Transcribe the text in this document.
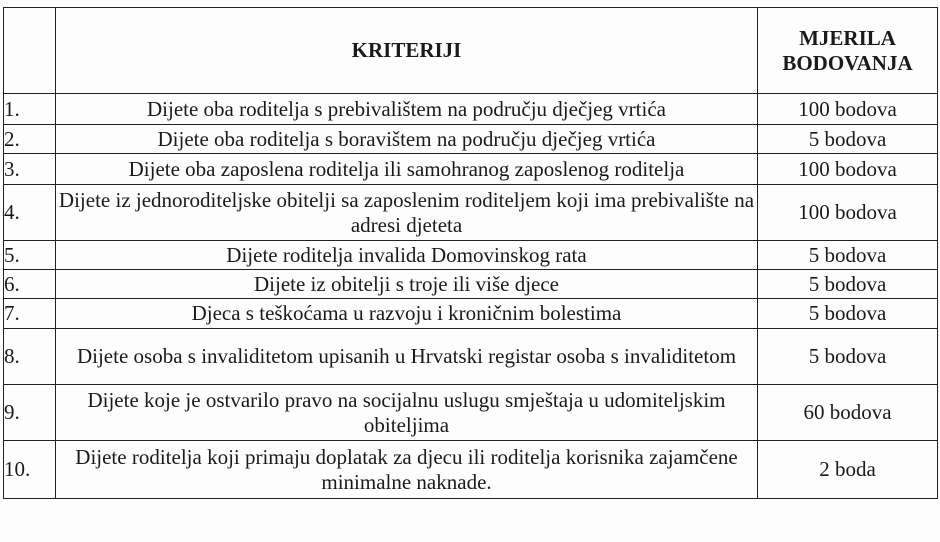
	KRITERIJI	MJERILA
BODOVANJA

1.	Dijete oba roditelja s prebivalištem na području dječjeg vrtića	100 bodova
2.	Dijete oba roditelja s boravištem na području dječjeg vrtića	5 bodova
3.	Dijete oba zaposlena roditelja ili samohranog zaposlenog roditelja	100 bodova
4.	Dijete iz jednoroditeljske obitelji sa zaposlenim roditeljem koji ima prebivalište na adresi djeteta	100 bodova
5.	Dijete roditelja invalida Domovinskog rata	5 bodova
6.	Dijete iz obitelji s troje ili više djece	5 bodova
7.	Djeca s teškoćama u razvoju i kroničnim bolestima	5 bodova
8.	Dijete osoba s invaliditetom upisanih u Hrvatski registar osoba s invaliditetom	5 bodova
9.	Dijete koje je ostvarilo pravo na socijalnu uslugu smještaja u udomiteljskim obiteljima	60 bodova
10.	Dijete roditelja koji primaju doplatak za djecu ili roditelja korisnika zajamčene minimalne naknade.	2 boda
